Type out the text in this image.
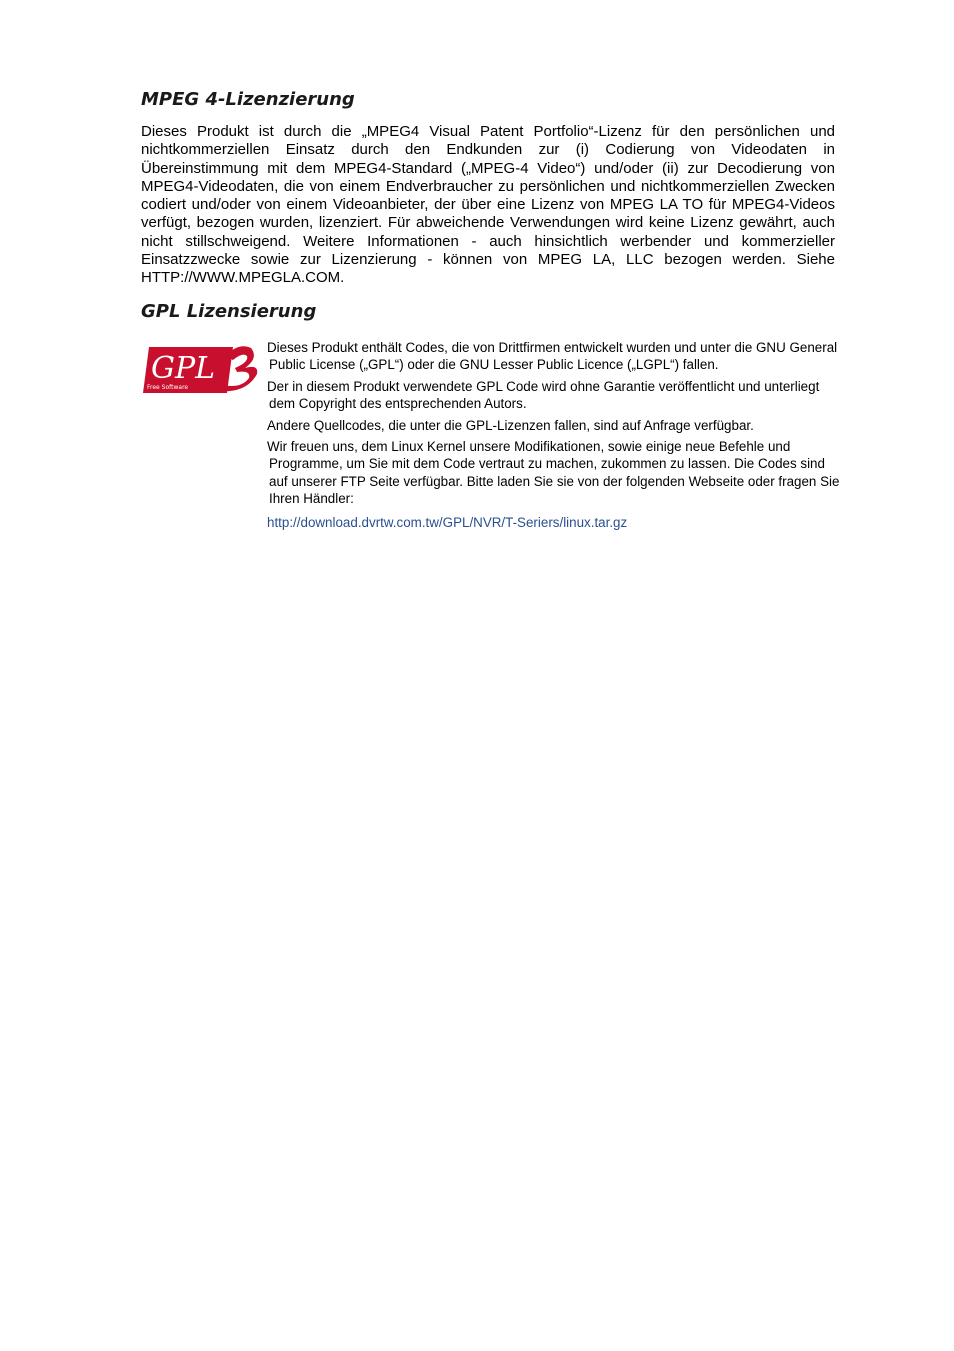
MPEG 4-Lizenzierung

Dieses Produkt ist durch die „MPEG4 Visual Patent Portfolio“-Lizenz für den persönlichen und nichtkommerziellen Einsatz durch den Endkunden zur (i) Codierung von Videodaten in Übereinstimmung mit dem MPEG4-Standard („MPEG-4 Video“) und/oder (ii) zur Decodierung von MPEG4-Videodaten, die von einem Endverbraucher zu persönlichen und nichtkommerziellen Zwecken codiert und/oder von einem Videoanbieter, der über eine Lizenz von MPEG LA TO für MPEG4-Videos verfügt, bezogen wurden, lizenziert. Für abweichende Verwendungen wird keine Lizenz gewährt, auch nicht stillschweigend. Weitere Informationen - auch hinsichtlich werbender und kommerzieller Einsatzzwecke sowie zur Lizenzierung - können von MPEG LA, LLC bezogen werden. Siehe HTTP://WWW.MPEGLA.COM.

GPL Lizensierung
GPL
Free Software

Dieses Produkt enthält Codes, die von Drittfirmen entwickelt wurden und unter die GNU General Public License („GPL“) oder die GNU Lesser Public Licence („LGPL“) fallen.

Der in diesem Produkt verwendete GPL Code wird ohne Garantie veröffentlicht und unterliegt dem Copyright des entsprechenden Autors.

Andere Quellcodes, die unter die GPL-Lizenzen fallen, sind auf Anfrage verfügbar.

Wir freuen uns, dem Linux Kernel unsere Modifikationen, sowie einige neue Befehle und Programme, um Sie mit dem Code vertraut zu machen, zukommen zu lassen. Die Codes sind auf unserer FTP Seite verfügbar. Bitte laden Sie sie von der folgenden Webseite oder fragen Sie Ihren Händler:

http://download.dvrtw.com.tw/GPL/NVR/T-Seriers/linux.tar.gz
